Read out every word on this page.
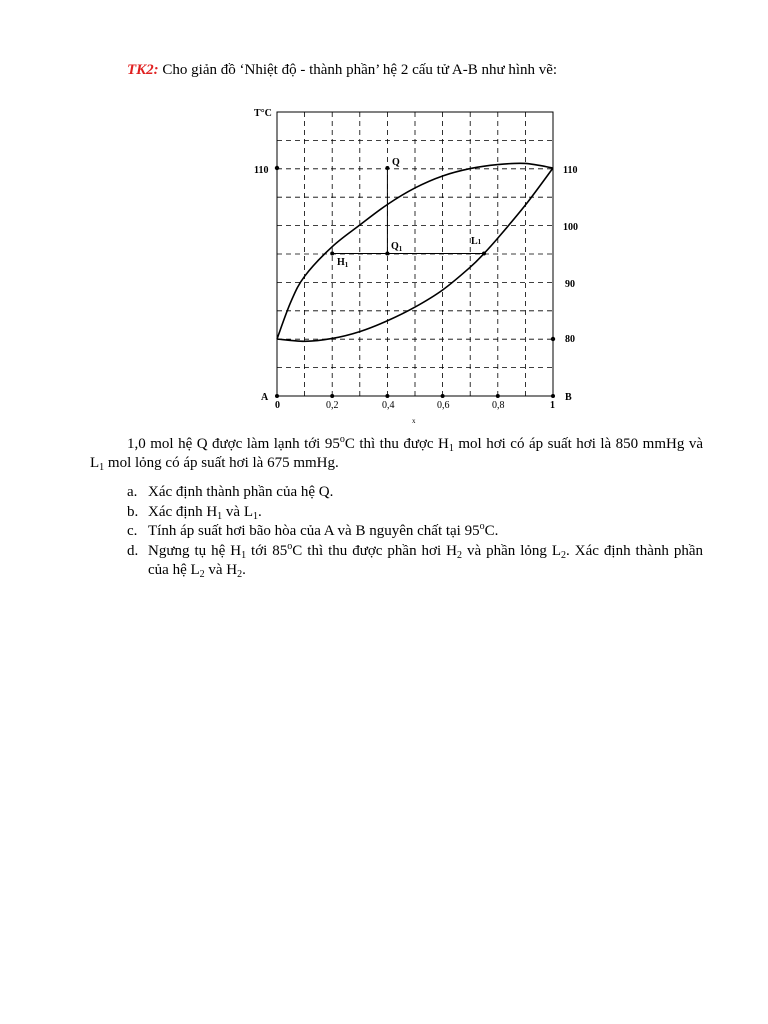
TK2: Cho giản đồ ‘Nhiệt độ - thành phần’ hệ 2 cấu tử A-B như hình vẽ:
T°C
110	110
100
90
80
A	B
0	0,2	0,4	0,6	0,8	1
x
Q
$Q_1$
$H_1$
L1
1,0 mol hệ Q được làm lạnh tới 95$^o$C thì thu được $H_1$ mol hơi có áp suất hơi là 850 mmHg và $L_1$ mol lỏng có áp suất hơi là 675 mmHg.
a. Xác định thành phần của hệ Q.
b. Xác định $H_1$ và $L_1$.
c. Tính áp suất hơi bão hòa của A và B nguyên chất tại 95$^o$C.
d. Ngưng tụ hệ $H_1$ tới 85$^o$C thì thu được phần hơi $H_2$ và phần lỏng $L_2$. Xác định thành phần của hệ $L_2$ và $H_2$.
